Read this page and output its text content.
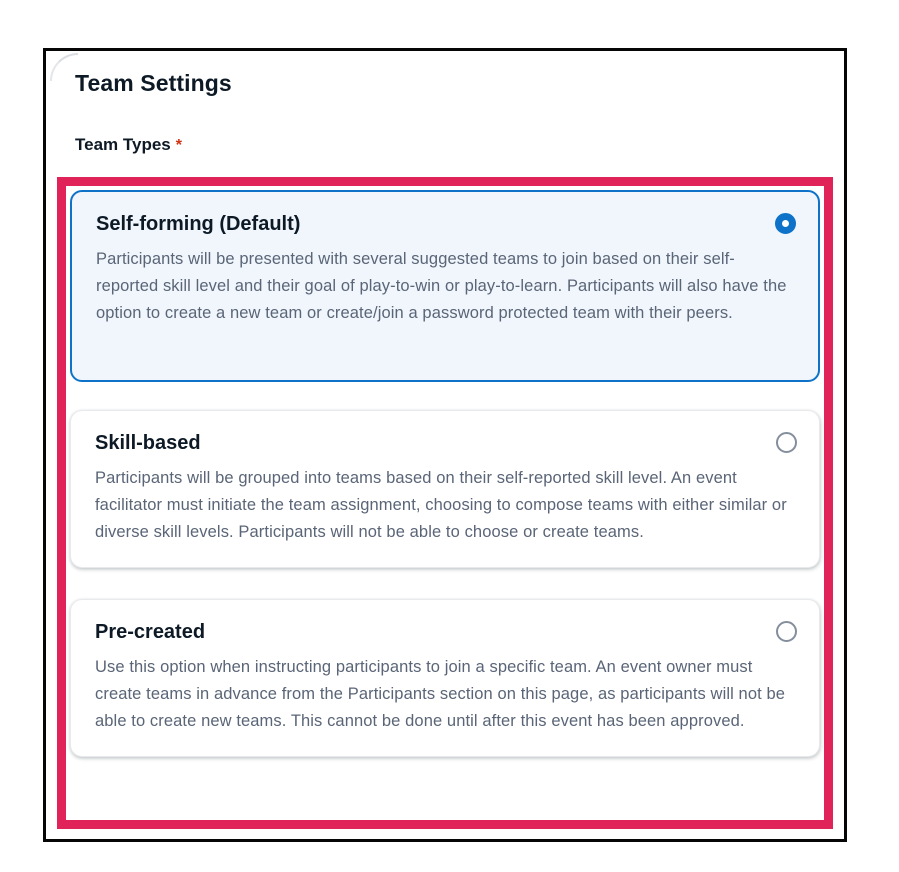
Team Settings
Team Types *
Self-forming (Default)
Participants will be presented with several suggested teams to join based on their self-reported skill level and their goal of play-to-win or play-to-learn. Participants will also have the option to create a new team or create/join a password protected team with their peers.
Skill-based
Participants will be grouped into teams based on their self-reported skill level. An event facilitator must initiate the team assignment, choosing to compose teams with either similar or diverse skill levels. Participants will not be able to choose or create teams.
Pre-created
Use this option when instructing participants to join a specific team. An event owner must create teams in advance from the Participants section on this page, as participants will not be able to create new teams. This cannot be done until after this event has been approved.
